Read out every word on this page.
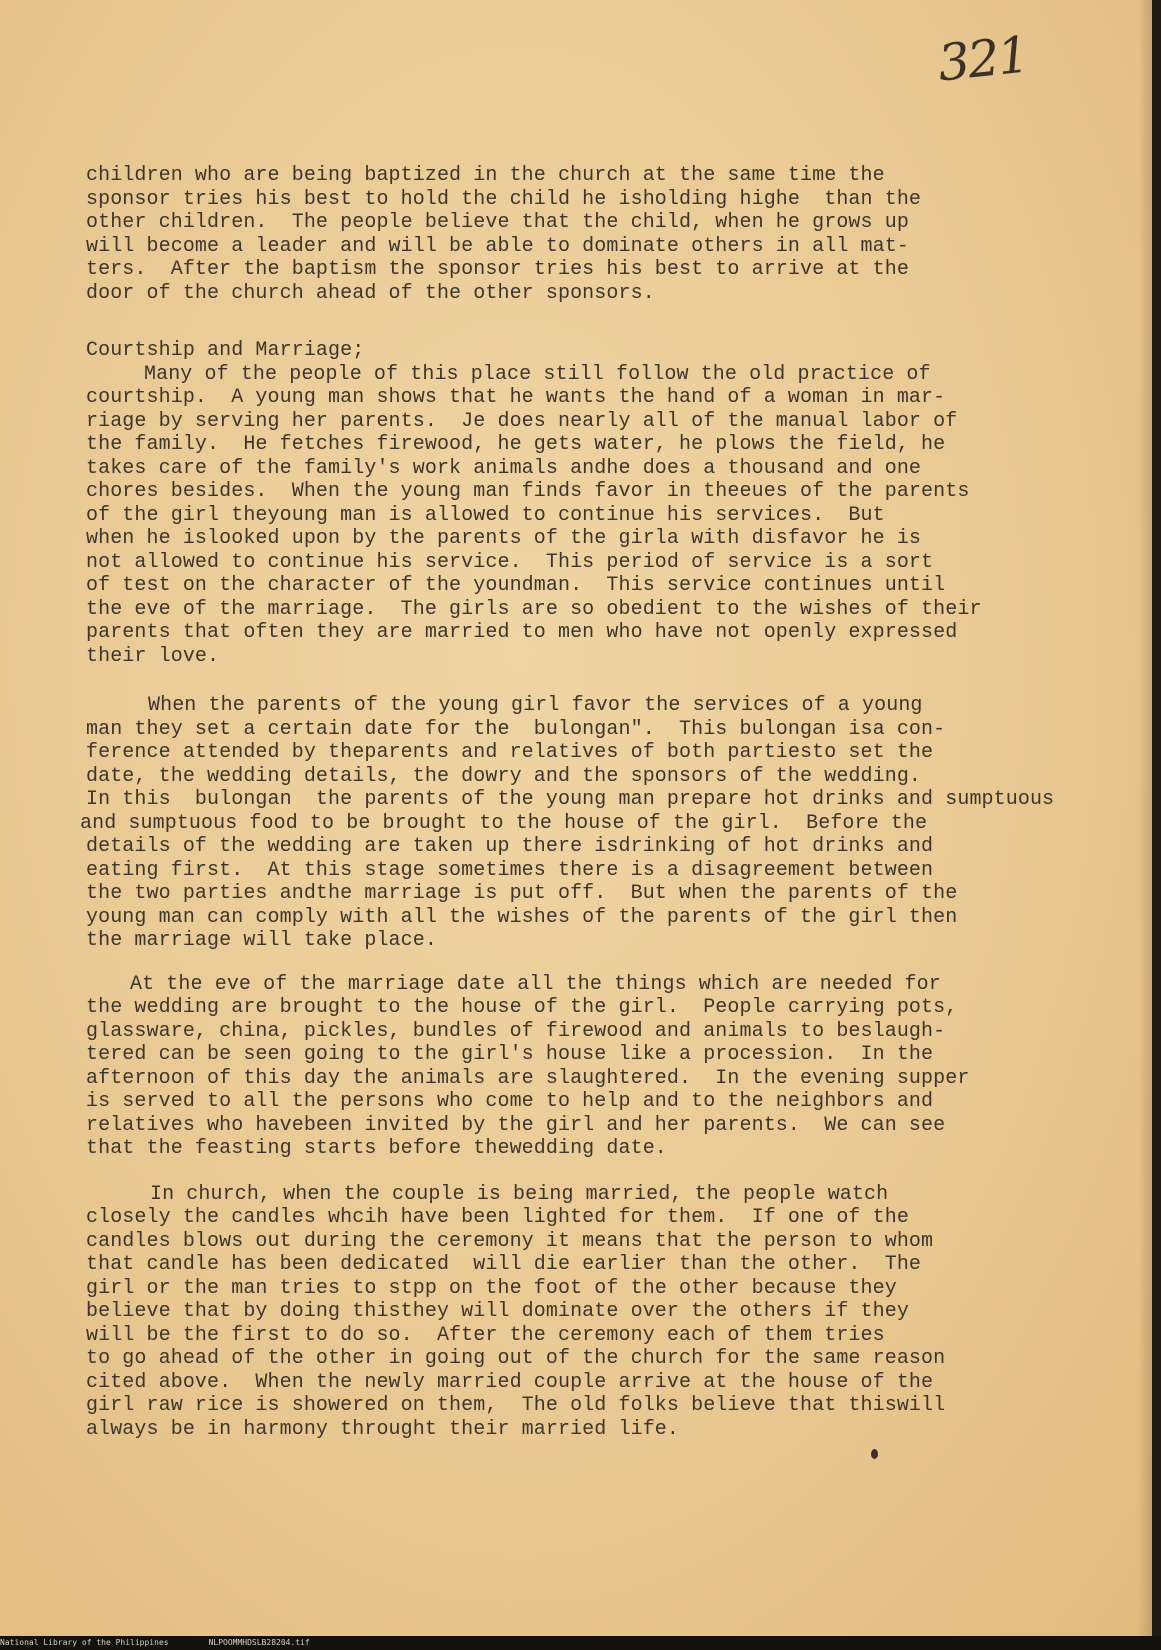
321
children who are being baptized in the church at the same time the
sponsor tries his best to hold the child he isholding highe  than the
other children.  The people believe that the child, when he grows up
will become a leader and will be able to dominate others in all mat-
ters.  After the baptism the sponsor tries his best to arrive at the
door of the church ahead of the other sponsors.
Courtship and Marriage;
Many of the people of this place still follow the old practice of
courtship.  A young man shows that he wants the hand of a woman in mar-
riage by serving her parents.  Je does nearly all of the manual labor of
the family.  He fetches firewood, he gets water, he plows the field, he
takes care of the family's work animals andhe does a thousand and one
chores besides.  When the young man finds favor in theeues of the parents
of the girl theyoung man is allowed to continue his services.  But
when he islooked upon by the parents of the girla with disfavor he is
not allowed to continue his service.  This period of service is a sort
of test on the character of the youndman.  This service continues until
the eve of the marriage.  The girls are so obedient to the wishes of their
parents that often they are married to men who have not openly expressed
their love.
When the parents of the young girl favor the services of a young
man they set a certain date for the  bulongan".  This bulongan isa con-
ference attended by theparents and relatives of both partiesto set the
date, the wedding details, the dowry and the sponsors of the wedding.
In this  bulongan  the parents of the young man prepare hot drinks and sumptuous
and sumptuous food to be brought to the house of the girl.  Before the
details of the wedding are taken up there isdrinking of hot drinks and
eating first.  At this stage sometimes there is a disagreement between
the two parties andthe marriage is put off.  But when the parents of the
young man can comply with all the wishes of the parents of the girl then
the marriage will take place.
At the eve of the marriage date all the things which are needed for
the wedding are brought to the house of the girl.  People carrying pots,
glassware, china, pickles, bundles of firewood and animals to beslaugh-
tered can be seen going to the girl's house like a procession.  In the
afternoon of this day the animals are slaughtered.  In the evening supper
is served to all the persons who come to help and to the neighbors and
relatives who havebeen invited by the girl and her parents.  We can see
that the feasting starts before thewedding date.
In church, when the couple is being married, the people watch
closely the candles whcih have been lighted for them.  If one of the
candles blows out during the ceremony it means that the person to whom
that candle has been dedicated  will die earlier than the other.  The
girl or the man tries to stpp on the foot of the other because they
believe that by doing thisthey will dominate over the others if they
will be the first to do so.  After the ceremony each of them tries
to go ahead of the other in going out of the church for the same reason
cited above.  When the newly married couple arrive at the house of the
girl raw rice is showered on them,  The old folks believe that thiswill
always be in harmony throught their married life.
National Library of the Philippines	NLPOOMMHDSLB28204.tif
